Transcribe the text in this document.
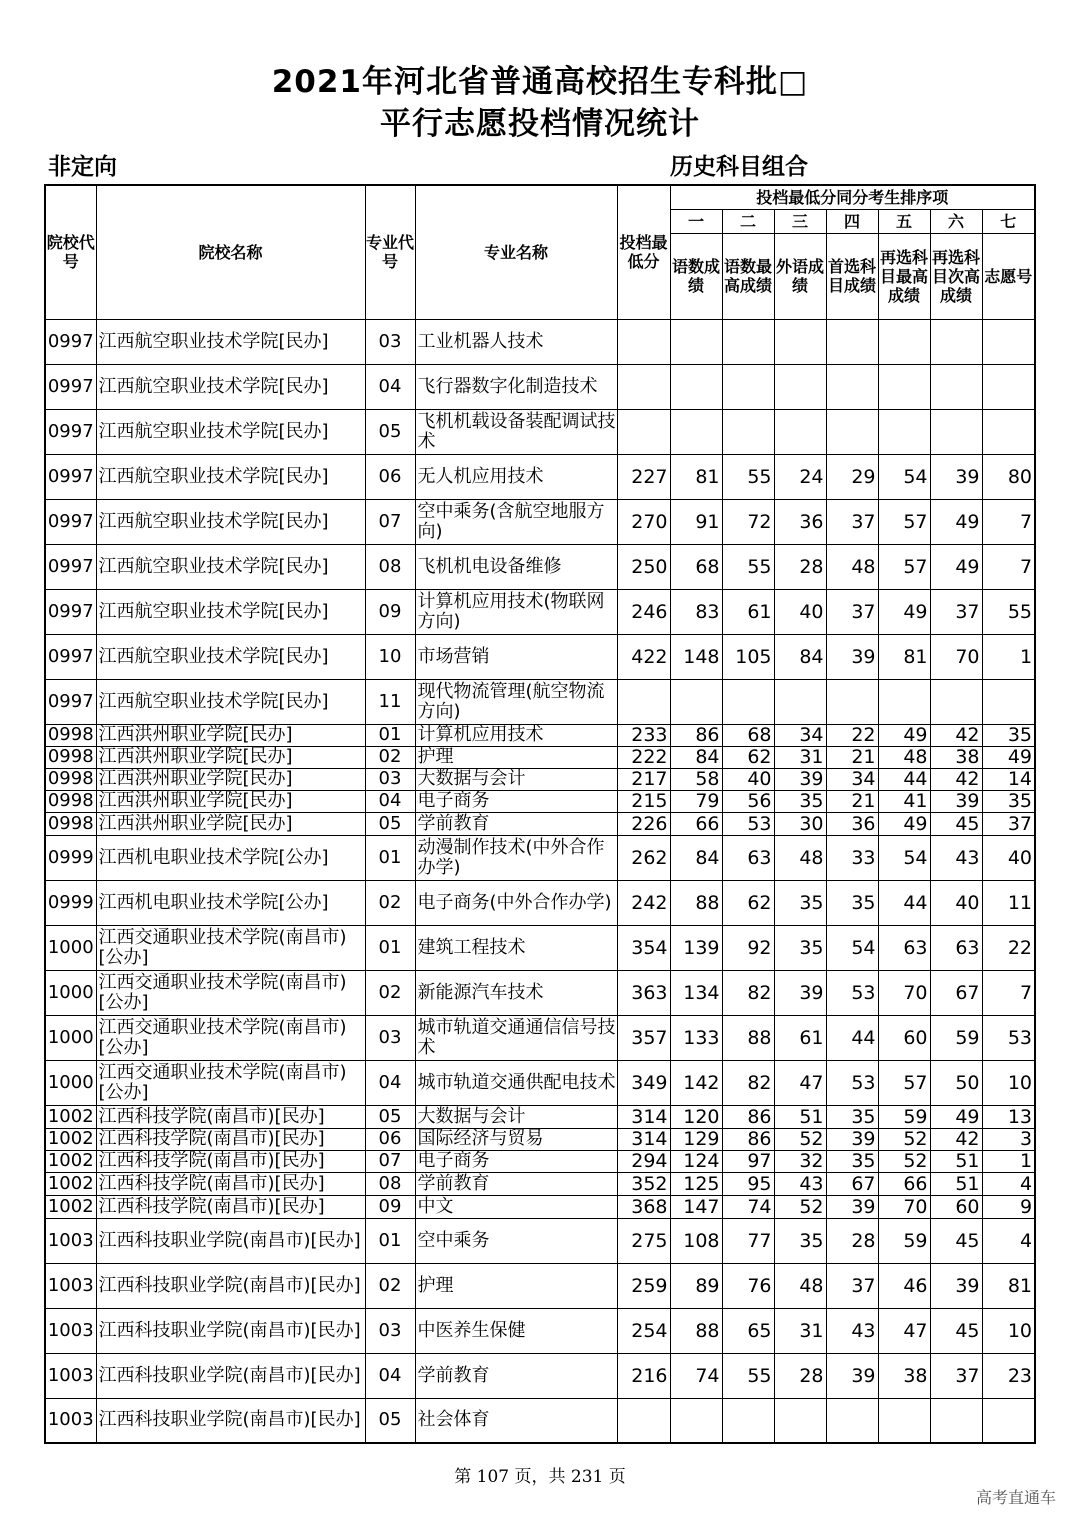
2021年河北省普通高校招生专科批□
平行志愿投档情况统计
非定向	历史科目组合
院校代号	院校名称	专业代号	专业名称	投档最低分	投档最低分同分考生排序项						
					一	二	三	四	五	六	七
					语数成绩	语数最高成绩	外语成绩	首选科目成绩	再选科目最高成绩	再选科目次高成绩	志愿号
0997	江西航空职业技术学院[民办]	03	工业机器人技术								
0997	江西航空职业技术学院[民办]	04	飞行器数字化制造技术								
0997	江西航空职业技术学院[民办]	05	飞机机载设备装配调试技术								
0997	江西航空职业技术学院[民办]	06	无人机应用技术	227	81	55	24	29	54	39	80
0997	江西航空职业技术学院[民办]	07	空中乘务(含航空地服方向)	270	91	72	36	37	57	49	7
0997	江西航空职业技术学院[民办]	08	飞机机电设备维修	250	68	55	28	48	57	49	7
0997	江西航空职业技术学院[民办]	09	计算机应用技术(物联网方向)	246	83	61	40	37	49	37	55
0997	江西航空职业技术学院[民办]	10	市场营销	422	148	105	84	39	81	70	1
0997	江西航空职业技术学院[民办]	11	现代物流管理(航空物流方向)								
0998	江西洪州职业学院[民办]	01	计算机应用技术	233	86	68	34	22	49	42	35
0998	江西洪州职业学院[民办]	02	护理	222	84	62	31	21	48	38	49
0998	江西洪州职业学院[民办]	03	大数据与会计	217	58	40	39	34	44	42	14
0998	江西洪州职业学院[民办]	04	电子商务	215	79	56	35	21	41	39	35
0998	江西洪州职业学院[民办]	05	学前教育	226	66	53	30	36	49	45	37
0999	江西机电职业技术学院[公办]	01	动漫制作技术(中外合作办学)	262	84	63	48	33	54	43	40
0999	江西机电职业技术学院[公办]	02	电子商务(中外合作办学)	242	88	62	35	35	44	40	11
1000	江西交通职业技术学院(南昌市)[公办]	01	建筑工程技术	354	139	92	35	54	63	63	22
1000	江西交通职业技术学院(南昌市)[公办]	02	新能源汽车技术	363	134	82	39	53	70	67	7
1000	江西交通职业技术学院(南昌市)[公办]	03	城市轨道交通通信信号技术	357	133	88	61	44	60	59	53
1000	江西交通职业技术学院(南昌市)[公办]	04	城市轨道交通供配电技术	349	142	82	47	53	57	50	10
1002	江西科技学院(南昌市)[民办]	05	大数据与会计	314	120	86	51	35	59	49	13
1002	江西科技学院(南昌市)[民办]	06	国际经济与贸易	314	129	86	52	39	52	42	3
1002	江西科技学院(南昌市)[民办]	07	电子商务	294	124	97	32	35	52	51	1
1002	江西科技学院(南昌市)[民办]	08	学前教育	352	125	95	43	67	66	51	4
1002	江西科技学院(南昌市)[民办]	09	中文	368	147	74	52	39	70	60	9
1003	江西科技职业学院(南昌市)[民办]	01	空中乘务	275	108	77	35	28	59	45	4
1003	江西科技职业学院(南昌市)[民办]	02	护理	259	89	76	48	37	46	39	81
1003	江西科技职业学院(南昌市)[民办]	03	中医养生保健	254	88	65	31	43	47	45	10
1003	江西科技职业学院(南昌市)[民办]	04	学前教育	216	74	55	28	39	38	37	23
1003	江西科技职业学院(南昌市)[民办]	05	社会体育								
第 107 页，共 231 页
高考直通车
